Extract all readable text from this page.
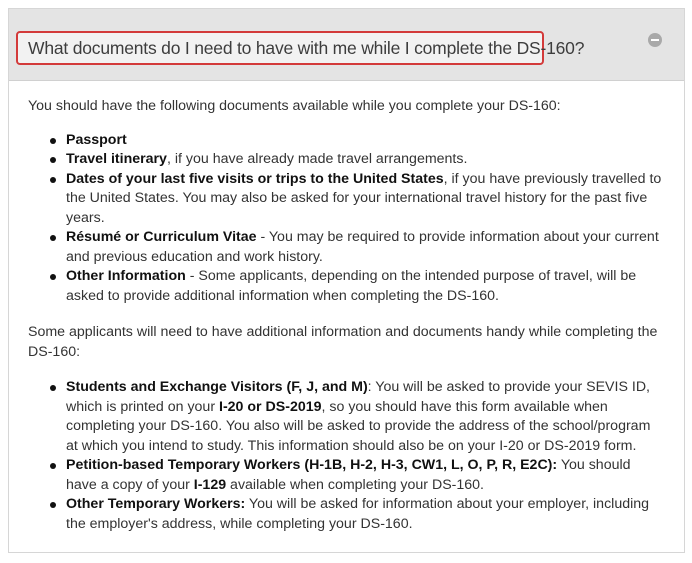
What documents do I need to have with me while I complete the DS-160?

You should have the following documents available while you complete your DS-160:

Passport
Travel itinerary, if you have already made travel arrangements.
Dates of your last five visits or trips to the United States, if you have previously travelled to the United States. You may also be asked for your international travel history for the past five years.
Résumé or Curriculum Vitae - You may be required to provide information about your current and previous education and work history.
Other Information - Some applicants, depending on the intended purpose of travel, will be asked to provide additional information when completing the DS-160.

Some applicants will need to have additional information and documents handy while completing the DS-160:

Students and Exchange Visitors (F, J, and M): You will be asked to provide your SEVIS ID, which is printed on your I-20 or DS-2019, so you should have this form available when completing your DS-160. You also will be asked to provide the address of the school/program at which you intend to study. This information should also be on your I-20 or DS-2019 form.
Petition-based Temporary Workers (H-1B, H-2, H-3, CW1, L, O, P, R, E2C): You should have a copy of your I-129 available when completing your DS-160.
Other Temporary Workers: You will be asked for information about your employer, including the employer's address, while completing your DS-160.
